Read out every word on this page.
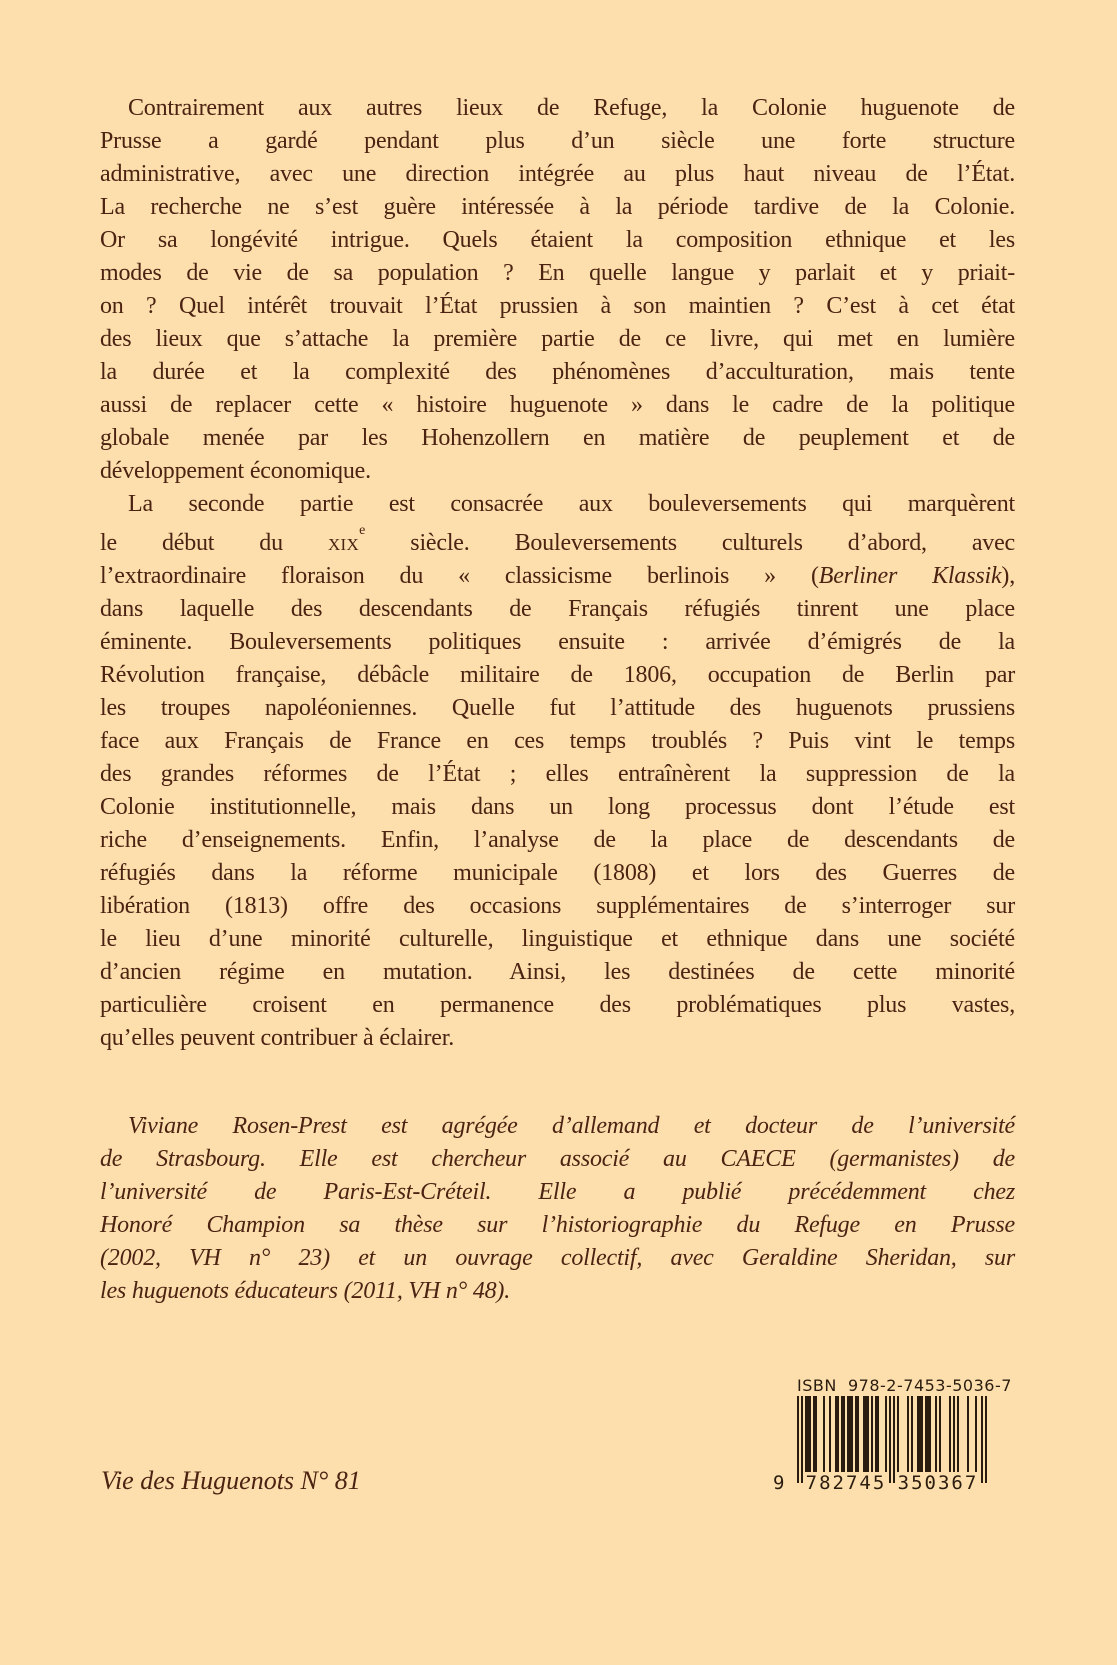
Contrairement aux autres lieux de Refuge, la Colonie huguenote de
Prusse a gardé pendant plus d’un siècle une forte structure
administrative, avec une direction intégrée au plus haut niveau de l’État.
La recherche ne s’est guère intéressée à la période tardive de la Colonie.
Or sa longévité intrigue. Quels étaient la composition ethnique et les
modes de vie de sa population ? En quelle langue y parlait et y priait-
on ? Quel intérêt trouvait l’État prussien à son maintien ? C’est à cet état
des lieux que s’attache la première partie de ce livre, qui met en lumière
la durée et la complexité des phénomènes d’acculturation, mais tente
aussi de replacer cette « histoire huguenote » dans le cadre de la politique
globale menée par les Hohenzollern en matière de peuplement et de
développement économique.
La seconde partie est consacrée aux bouleversements qui marquèrent
le début du xix$^e$ siècle. Bouleversements culturels d’abord, avec
l’extraordinaire floraison du « classicisme berlinois » (Berliner Klassik),
dans laquelle des descendants de Français réfugiés tinrent une place
éminente. Bouleversements politiques ensuite : arrivée d’émigrés de la
Révolution française, débâcle militaire de 1806, occupation de Berlin par
les troupes napoléoniennes. Quelle fut l’attitude des huguenots prussiens
face aux Français de France en ces temps troublés ? Puis vint le temps
des grandes réformes de l’État ; elles entraînèrent la suppression de la
Colonie institutionnelle, mais dans un long processus dont l’étude est
riche d’enseignements. Enfin, l’analyse de la place de descendants de
réfugiés dans la réforme municipale (1808) et lors des Guerres de
libération (1813) offre des occasions supplémentaires de s’interroger sur
le lieu d’une minorité culturelle, linguistique et ethnique dans une société
d’ancien régime en mutation. Ainsi, les destinées de cette minorité
particulière croisent en permanence des problématiques plus vastes,
qu’elles peuvent contribuer à éclairer.
Viviane Rosen-Prest est agrégée d’allemand et docteur de l’université
de Strasbourg. Elle est chercheur associé au CAECE (germanistes) de
l’université de Paris-Est-Créteil. Elle a publié précédemment chez
Honoré Champion sa thèse sur l’historiographie du Refuge en Prusse
(2002, VH n° 23) et un ouvrage collectif, avec Geraldine Sheridan, sur
les huguenots éducateurs (2011, VH n° 48).
Vie des Huguenots N° 81
ISBN  978-2-7453-5036-7
9 782745 350367
